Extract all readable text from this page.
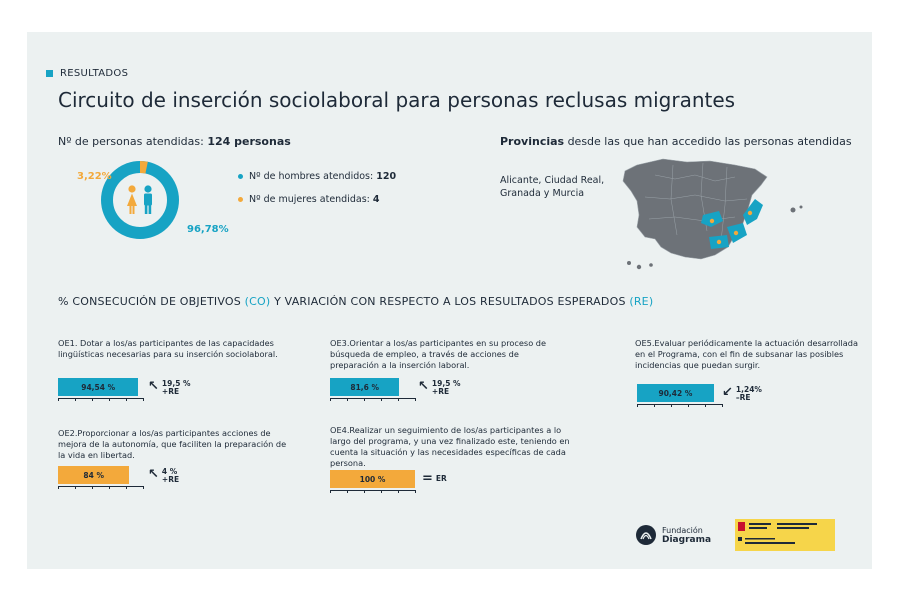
RESULTADOS
Circuito de inserción sociolaboral para personas reclusas migrantes
Nº de personas atendidas: 124 personas
3,22%
96,78%
Nº de hombres atendidos: 120
Nº de mujeres atendidas: 4
Provincias desde las que han accedido las personas atendidas
Alicante, Ciudad Real, Granada y Murcia
% CONSECUCIÓN DE OBJETIVOS (CO) Y VARIACIÓN CON RESPECTO A LOS RESULTADOS ESPERADOS (RE)
OE1. Dotar a los/as participantes de las capacidades lingüísticas necesarias para su inserción sociolaboral.
94,54 %	↖ 19,5 %
+RE
OE2.Proporcionar a los/as participantes acciones de mejora de la autonomía, que faciliten la preparación de la vida en libertad.
84 %	↖ 4 %
+RE
OE3.Orientar a los/as participantes en su proceso de búsqueda de empleo, a través de acciones de preparación a la inserción laboral.
81,6 %	↖ 19,5 %
+RE
OE4.Realizar un seguimiento de los/as participantes a lo largo del programa, y una vez finalizado este, teniendo en cuenta la situación y las necesidades específicas de cada persona.
100 %	= ER
OE5.Evaluar periódicamente la actuación desarrollada en el Programa, con el fin de subsanar las posibles incidencias que puedan surgir.
90,42 %	↙ 1,24%
–RE
Fundación
Diagrama
